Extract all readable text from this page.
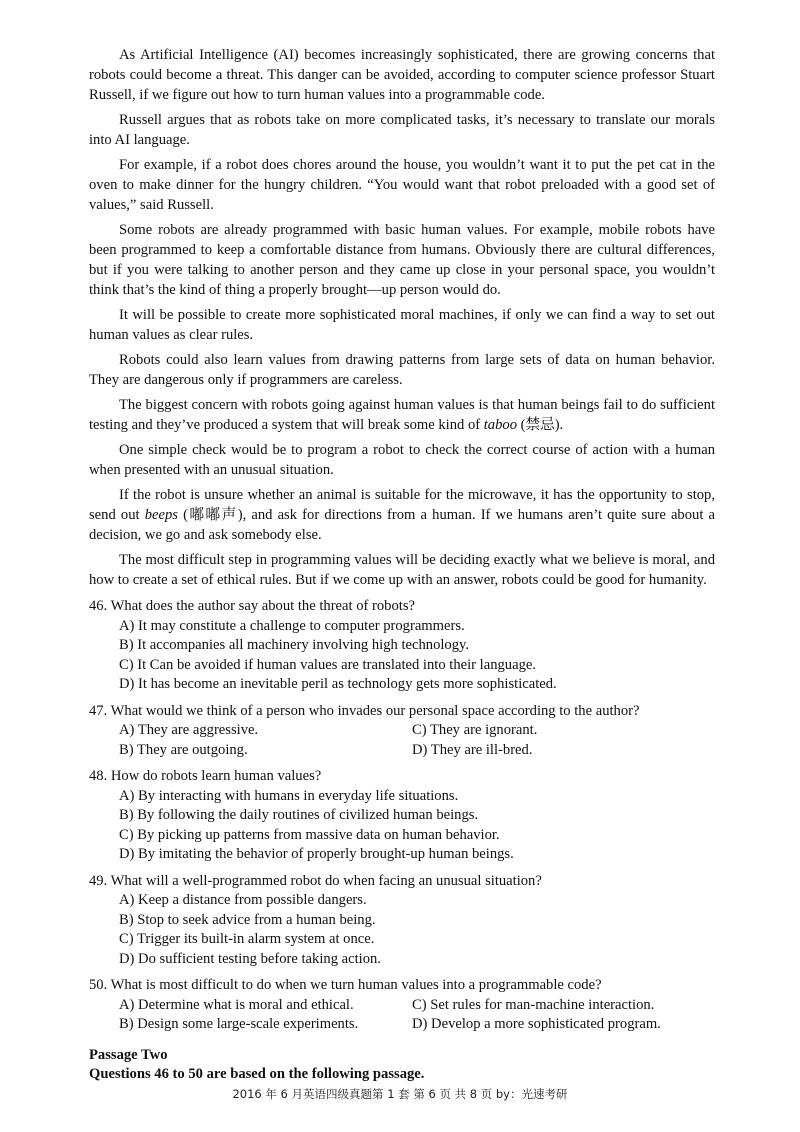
As Artificial Intelligence (AI) becomes increasingly sophisticated, there are growing concerns that robots could become a threat. This danger can be avoided, according to computer science professor Stuart Russell, if we figure out how to turn human values into a programmable code.

Russell argues that as robots take on more complicated tasks, it’s necessary to translate our morals into AI language.

For example, if a robot does chores around the house, you wouldn’t want it to put the pet cat in the oven to make dinner for the hungry children. “You would want that robot preloaded with a good set of values,” said Russell.

Some robots are already programmed with basic human values. For example, mobile robots have been programmed to keep a comfortable distance from humans. Obviously there are cultural differences, but if you were talking to another person and they came up close in your personal space, you wouldn’t think that’s the kind of thing a properly brought—up person would do.

It will be possible to create more sophisticated moral machines, if only we can find a way to set out human values as clear rules.

Robots could also learn values from drawing patterns from large sets of data on human behavior. They are dangerous only if programmers are careless.

The biggest concern with robots going against human values is that human beings fail to do sufficient testing and they’ve produced a system that will break some kind of taboo (禁忌).

One simple check would be to program a robot to check the correct course of action with a human when presented with an unusual situation.

If the robot is unsure whether an animal is suitable for the microwave, it has the opportunity to stop, send out beeps (嘟嘟声), and ask for directions from a human. If we humans aren’t quite sure about a decision, we go and ask somebody else.

The most difficult step in programming values will be deciding exactly what we believe is moral, and how to create a set of ethical rules. But if we come up with an answer, robots could be good for humanity.

46. What does the author say about the threat of robots?

A) It may constitute a challenge to computer programmers.

B) It accompanies all machinery involving high technology.

C) It Can be avoided if human values are translated into their language.

D) It has become an inevitable peril as technology gets more sophisticated.

47. What would we think of a person who invades our personal space according to the author?

A) They are aggressive.	C) They are ignorant.

B) They are outgoing.	D) They are ill-bred.

48. How do robots learn human values?

A) By interacting with humans in everyday life situations.

B) By following the daily routines of civilized human beings.

C) By picking up patterns from massive data on human behavior.

D) By imitating the behavior of properly brought-up human beings.

49. What will a well-programmed robot do when facing an unusual situation?

A) Keep a distance from possible dangers.

B) Stop to seek advice from a human being.

C) Trigger its built-in alarm system at once.

D) Do sufficient testing before taking action.

50. What is most difficult to do when we turn human values into a programmable code?

A) Determine what is moral and ethical.	C) Set rules for man-machine interaction.

B) Design some large-scale experiments.	D) Develop a more sophisticated program.

Passage Two

Questions 46 to 50 are based on the following passage.

2016 年 6 月英语四级真题第 1 套 第 6 页 共 8 页 by：光速考研
